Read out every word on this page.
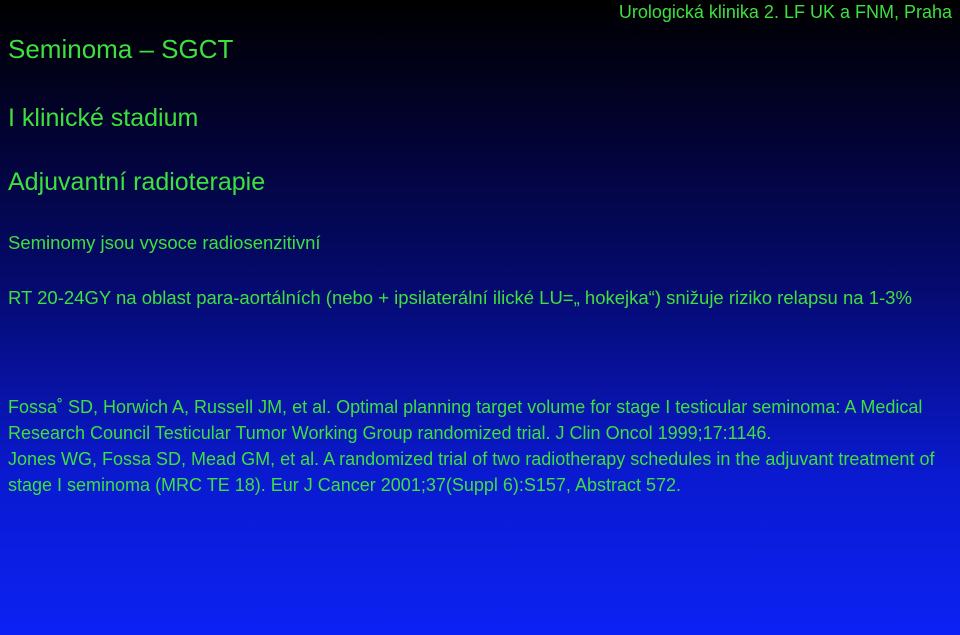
Urologická klinika 2. LF UK a FNM, Praha
Seminoma – SGCT
I klinické stadium
Adjuvantní radioterapie

Seminomy jsou vysoce radiosenzitivní

RT 20-24GY na oblast para-aortálních (nebo + ipsilaterální ilické LU=„ hokejka“) snižuje riziko relapsu na 1-3%

Fossa˚ SD, Horwich A, Russell JM, et al. Optimal planning target volume for stage I testicular seminoma: A Medical Research Council Testicular Tumor Working Group randomized trial. J Clin Oncol 1999;17:1146.

Jones WG, Fossa SD, Mead GM, et al. A randomized trial of two radiotherapy schedules in the adjuvant treatment of stage I seminoma (MRC TE 18). Eur J Cancer 2001;37(Suppl 6):S157, Abstract 572.
